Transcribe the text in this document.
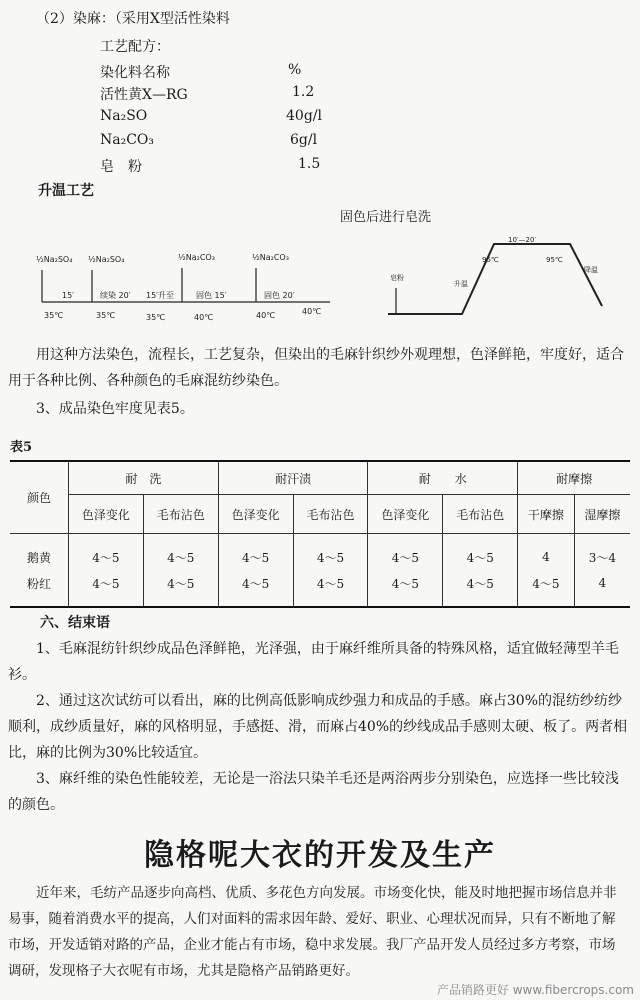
（2）染麻：（采用X型活性染料
工艺配方：
染化料名称	%
活性黄X—RG	1.2
Na₂SO	40g/l
Na₂CO₃	6g/l
皂　粉	1.5
升温工艺
固色后进行皂洗
½Na₂SO₄ ½Na₂SO₄	½Na₂CO₃	½Na₂CO₃
15′	续染 20′ 15′升至	固色 15′	固色 20′
35℃	35℃	35℃	40℃	40℃	40℃
10′—20′
皂粉
升温
95℃	95℃
降温
用这种方法染色，流程长，工艺复杂，但染出的毛麻针织纱外观理想，色泽鲜艳，牢度好，适合用于各种比例、各种颜色的毛麻混纺纱染色。
3、成品染色牢度见表5。
表5
颜色	耐　洗		耐汗渍		耐　　水		耐摩擦	
	色泽变化	毛布沾色	色泽变化	毛布沾色	色泽变化	毛布沾色	干摩擦	湿摩擦
鹅黄	4～5	4～5	4～5	4～5	4～5	4～5	4	3～4
粉红	4～5	4～5	4～5	4～5	4～5	4～5	4～5	4
六、结束语
1、毛麻混纺针织纱成品色泽鲜艳，光泽强，由于麻纤维所具备的特殊风格，适宜做轻薄型羊毛衫。
2、通过这次试纺可以看出，麻的比例高低影响成纱强力和成品的手感。麻占30%的混纺纱纺纱顺利，成纱质量好，麻的风格明显，手感挺、滑，而麻占40%的纱线成品手感则太硬、板了。两者相比，麻的比例为30%比较适宜。
3、麻纤维的染色性能较差，无论是一浴法只染羊毛还是两浴两步分别染色，应选择一些比较浅的颜色。
隐格呢大衣的开发及生产
近年来，毛纺产品逐步向高档、优质、多花色方向发展。市场变化快，能及时地把握市场信息并非易事，随着消费水平的提高，人们对面料的需求因年龄、爱好、职业、心理状况而异，只有不断地了解市场，开发适销对路的产品，企业才能占有市场，稳中求发展。我厂产品开发人员经过多方考察，市场调研，发现格子大衣呢有市场，尤其是隐格产品销路更好。
产品销路更好 www.fibercrops.com
